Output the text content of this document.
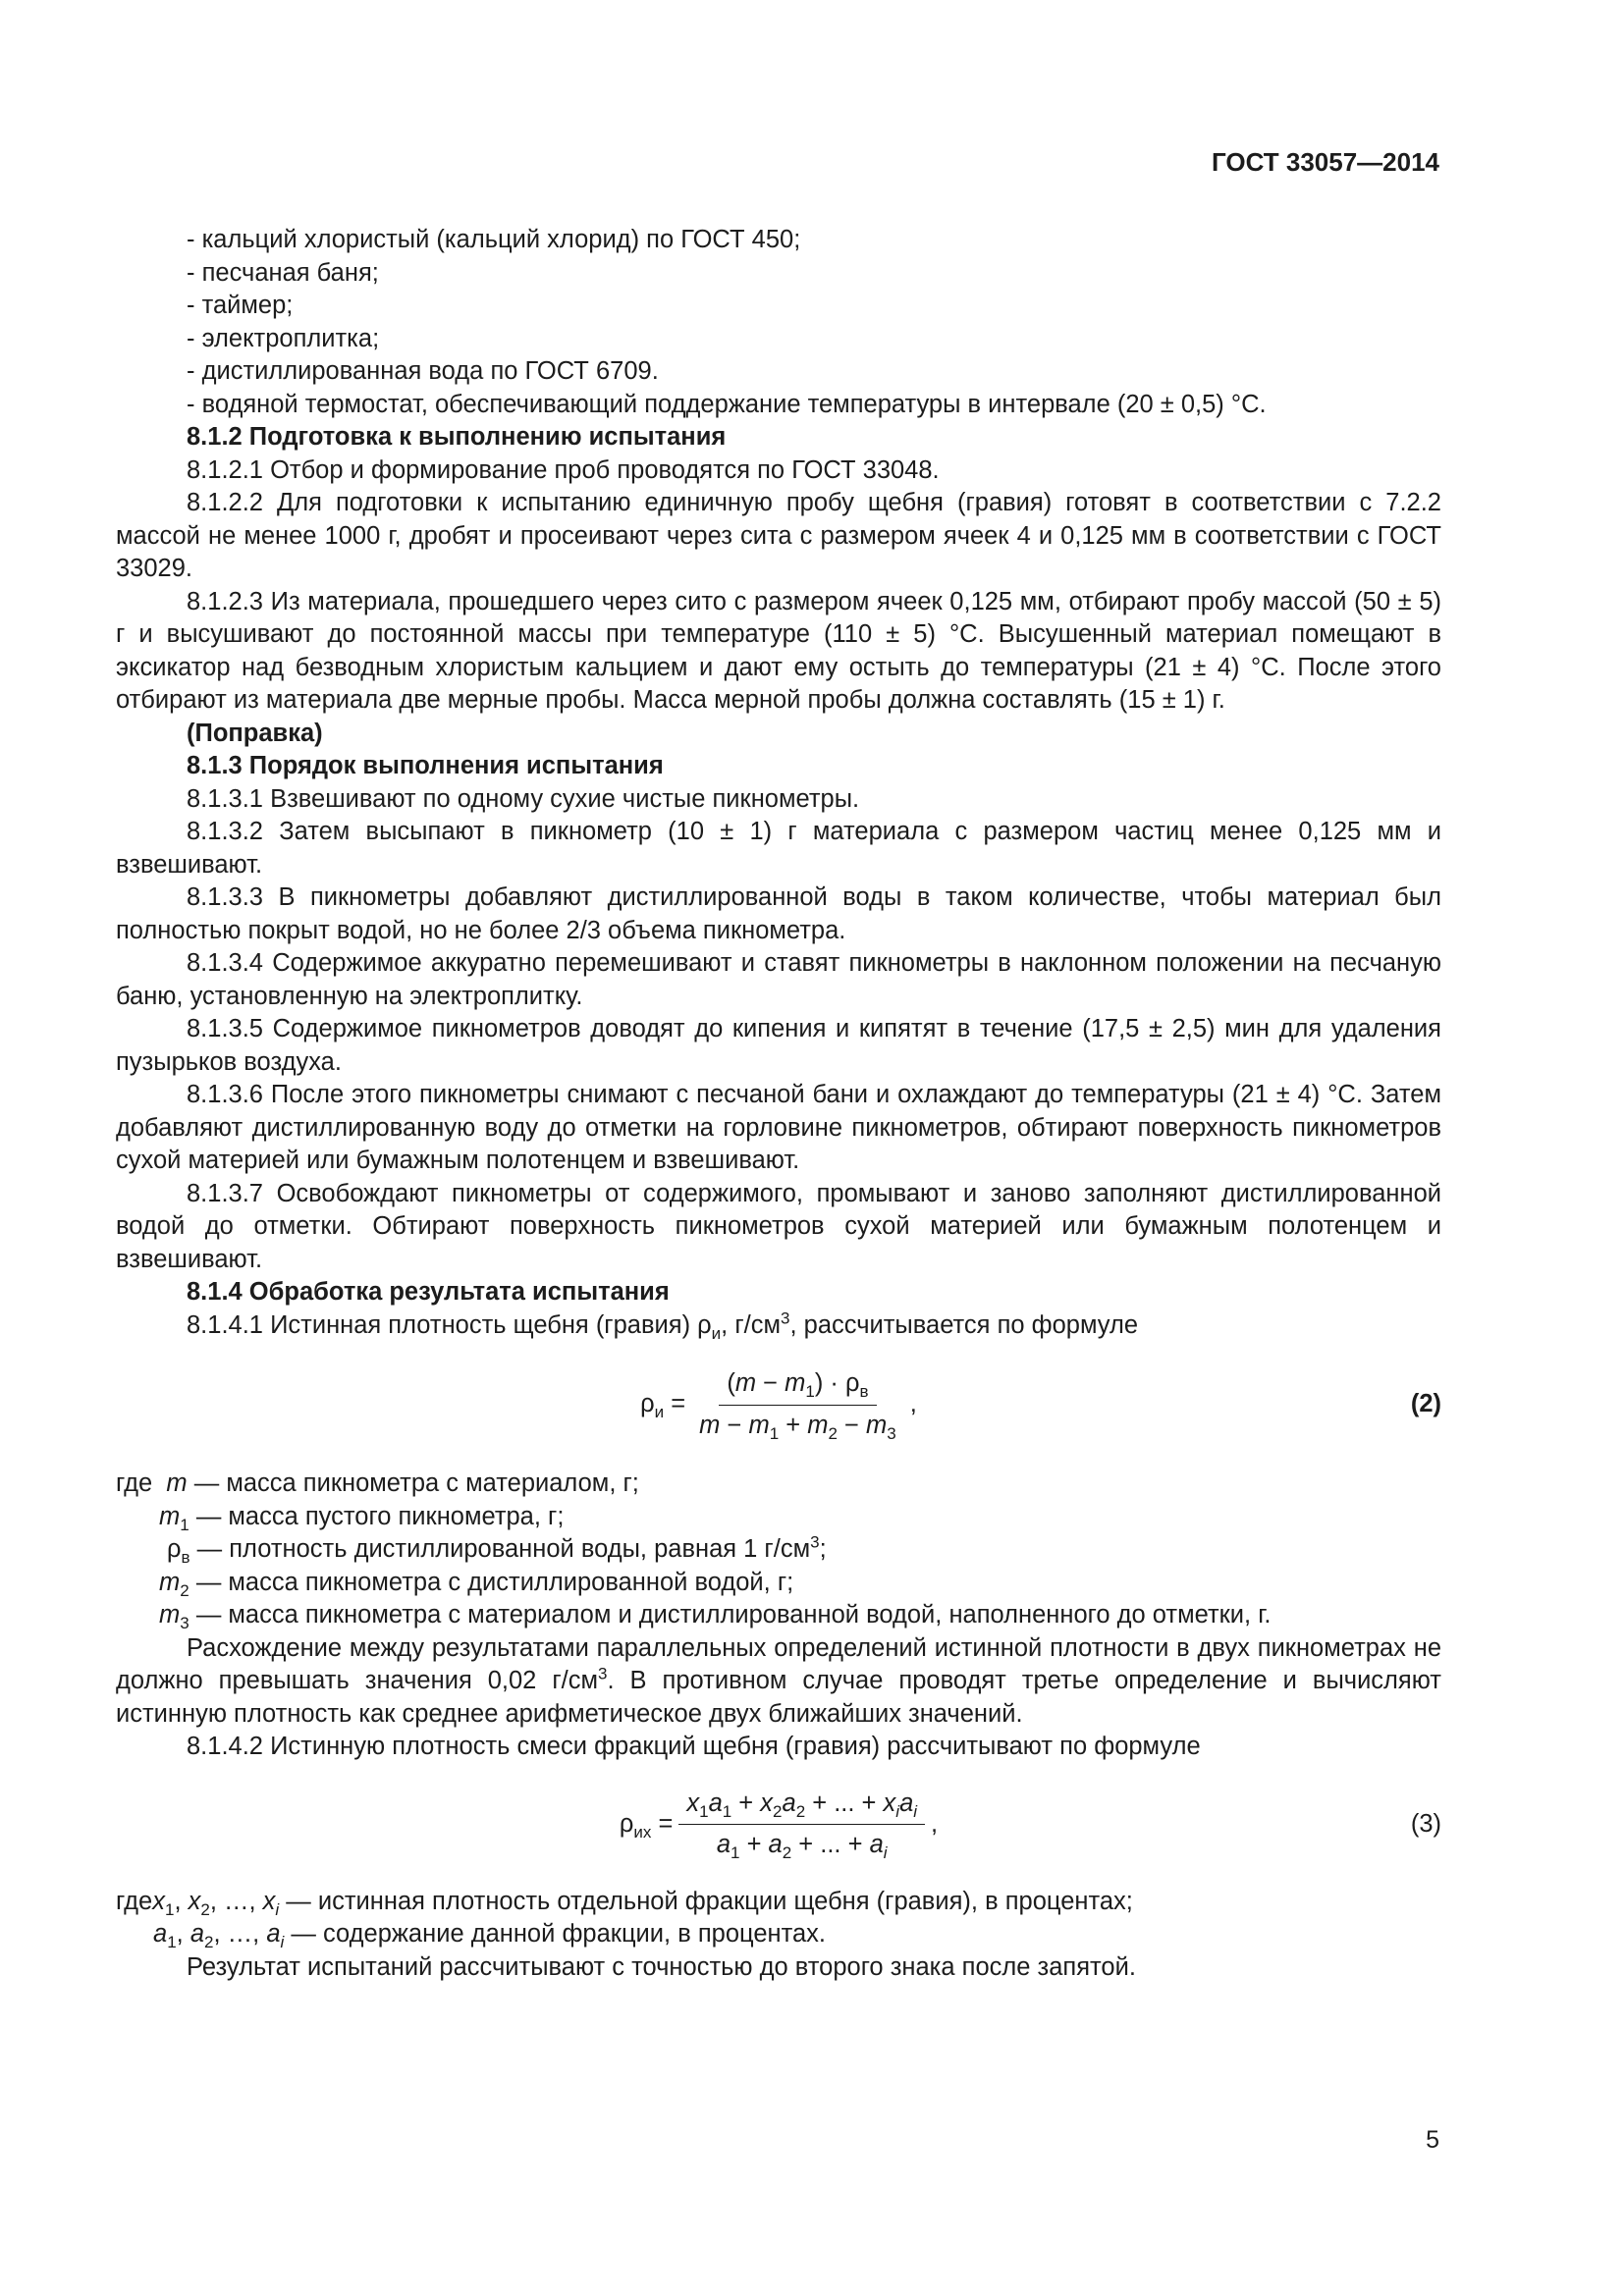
ГОСТ 33057—2014

- кальций хлористый (кальций хлорид) по ГОСТ 450;

- песчаная баня;

- таймер;

- электроплитка;

- дистиллированная вода по ГОСТ 6709.

- водяной термостат, обеспечивающий поддержание температуры в интервале (20 ± 0,5) °С.

8.1.2 Подготовка к выполнению испытания

8.1.2.1 Отбор и формирование проб проводятся по ГОСТ 33048.

8.1.2.2 Для подготовки к испытанию единичную пробу щебня (гравия) готовят в соответствии с 7.2.2 массой не менее 1000 г, дробят и просеивают через сита с размером ячеек 4 и 0,125 мм в соответствии с ГОСТ 33029.

8.1.2.3 Из материала, прошедшего через сито с размером ячеек 0,125 мм, отбирают пробу массой (50 ± 5) г и высушивают до постоянной массы при температуре (110 ± 5) °С. Высушенный материал помещают в эксикатор над безводным хлористым кальцием и дают ему остыть до температуры (21 ± 4) °С. После этого отбирают из материала две мерные пробы. Масса мерной пробы должна составлять (15 ± 1) г.

(Поправка)

8.1.3 Порядок выполнения испытания

8.1.3.1 Взвешивают по одному сухие чистые пикнометры.

8.1.3.2 Затем высыпают в пикнометр (10 ± 1) г материала с размером частиц менее 0,125 мм и взвешивают.

8.1.3.3 В пикнометры добавляют дистиллированной воды в таком количестве, чтобы материал был полностью покрыт водой, но не более 2/3 объема пикнометра.

8.1.3.4 Содержимое аккуратно перемешивают и ставят пикнометры в наклонном положении на песчаную баню, установленную на электроплитку.

8.1.3.5 Содержимое пикнометров доводят до кипения и кипятят в течение (17,5 ± 2,5) мин для удаления пузырьков воздуха.

8.1.3.6 После этого пикнометры снимают с песчаной бани и охлаждают до температуры (21 ± 4) °С. Затем добавляют дистиллированную воду до отметки на горловине пикнометров, обтирают поверхность пикнометров сухой материей или бумажным полотенцем и взвешивают.

8.1.3.7 Освобождают пикнометры от содержимого, промывают и заново заполняют дистиллированной водой до отметки. Обтирают поверхность пикнометров сухой материей или бумажным полотенцем и взвешивают.

8.1.4 Обработка результата испытания

8.1.4.1 Истинная плотность щебня (гравия) $\rho_и$, $г/см^3$, рассчитывается по формуле

$\rho_и = \frac{(m - m_1) \cdot \rho_в}{m - m_1 + m_2 - m_3}$ ,	(2)
где m — масса пикнометра с материалом, г;
$m_1$ — масса пустого пикнометра, г;
$\rho_в$ — плотность дистиллированной воды, равная 1 $г/см^3$;
$m_2$ — масса пикнометра с дистиллированной водой, г;
$m_3$ — масса пикнометра с материалом и дистиллированной водой, наполненного до отметки, г.

Расхождение между результатами параллельных определений истинной плотности в двух пикнометрах не должно превышать значения 0,02 $г/см^3$. В противном случае проводят третье определение и вычисляют истинную плотность как среднее арифметическое двух ближайших значений.

8.1.4.2 Истинную плотность смеси фракций щебня (гравия) рассчитывают по формуле

$\rho_{их} = \frac{x_1a_1 + x_2a_2 + ... + x_ia_i}{a_1 + a_2 + ... + a_i}$ ,	(3)
гдеx$_1$, $x_2$, …, $x_i$ — истинная плотность отдельной фракции щебня (гравия), в процентах;
$a_1$, $a_2$, …, $a_i$ — содержание данной фракции, в процентах.

Результат испытаний рассчитывают с точностью до второго знака после запятой.

5
